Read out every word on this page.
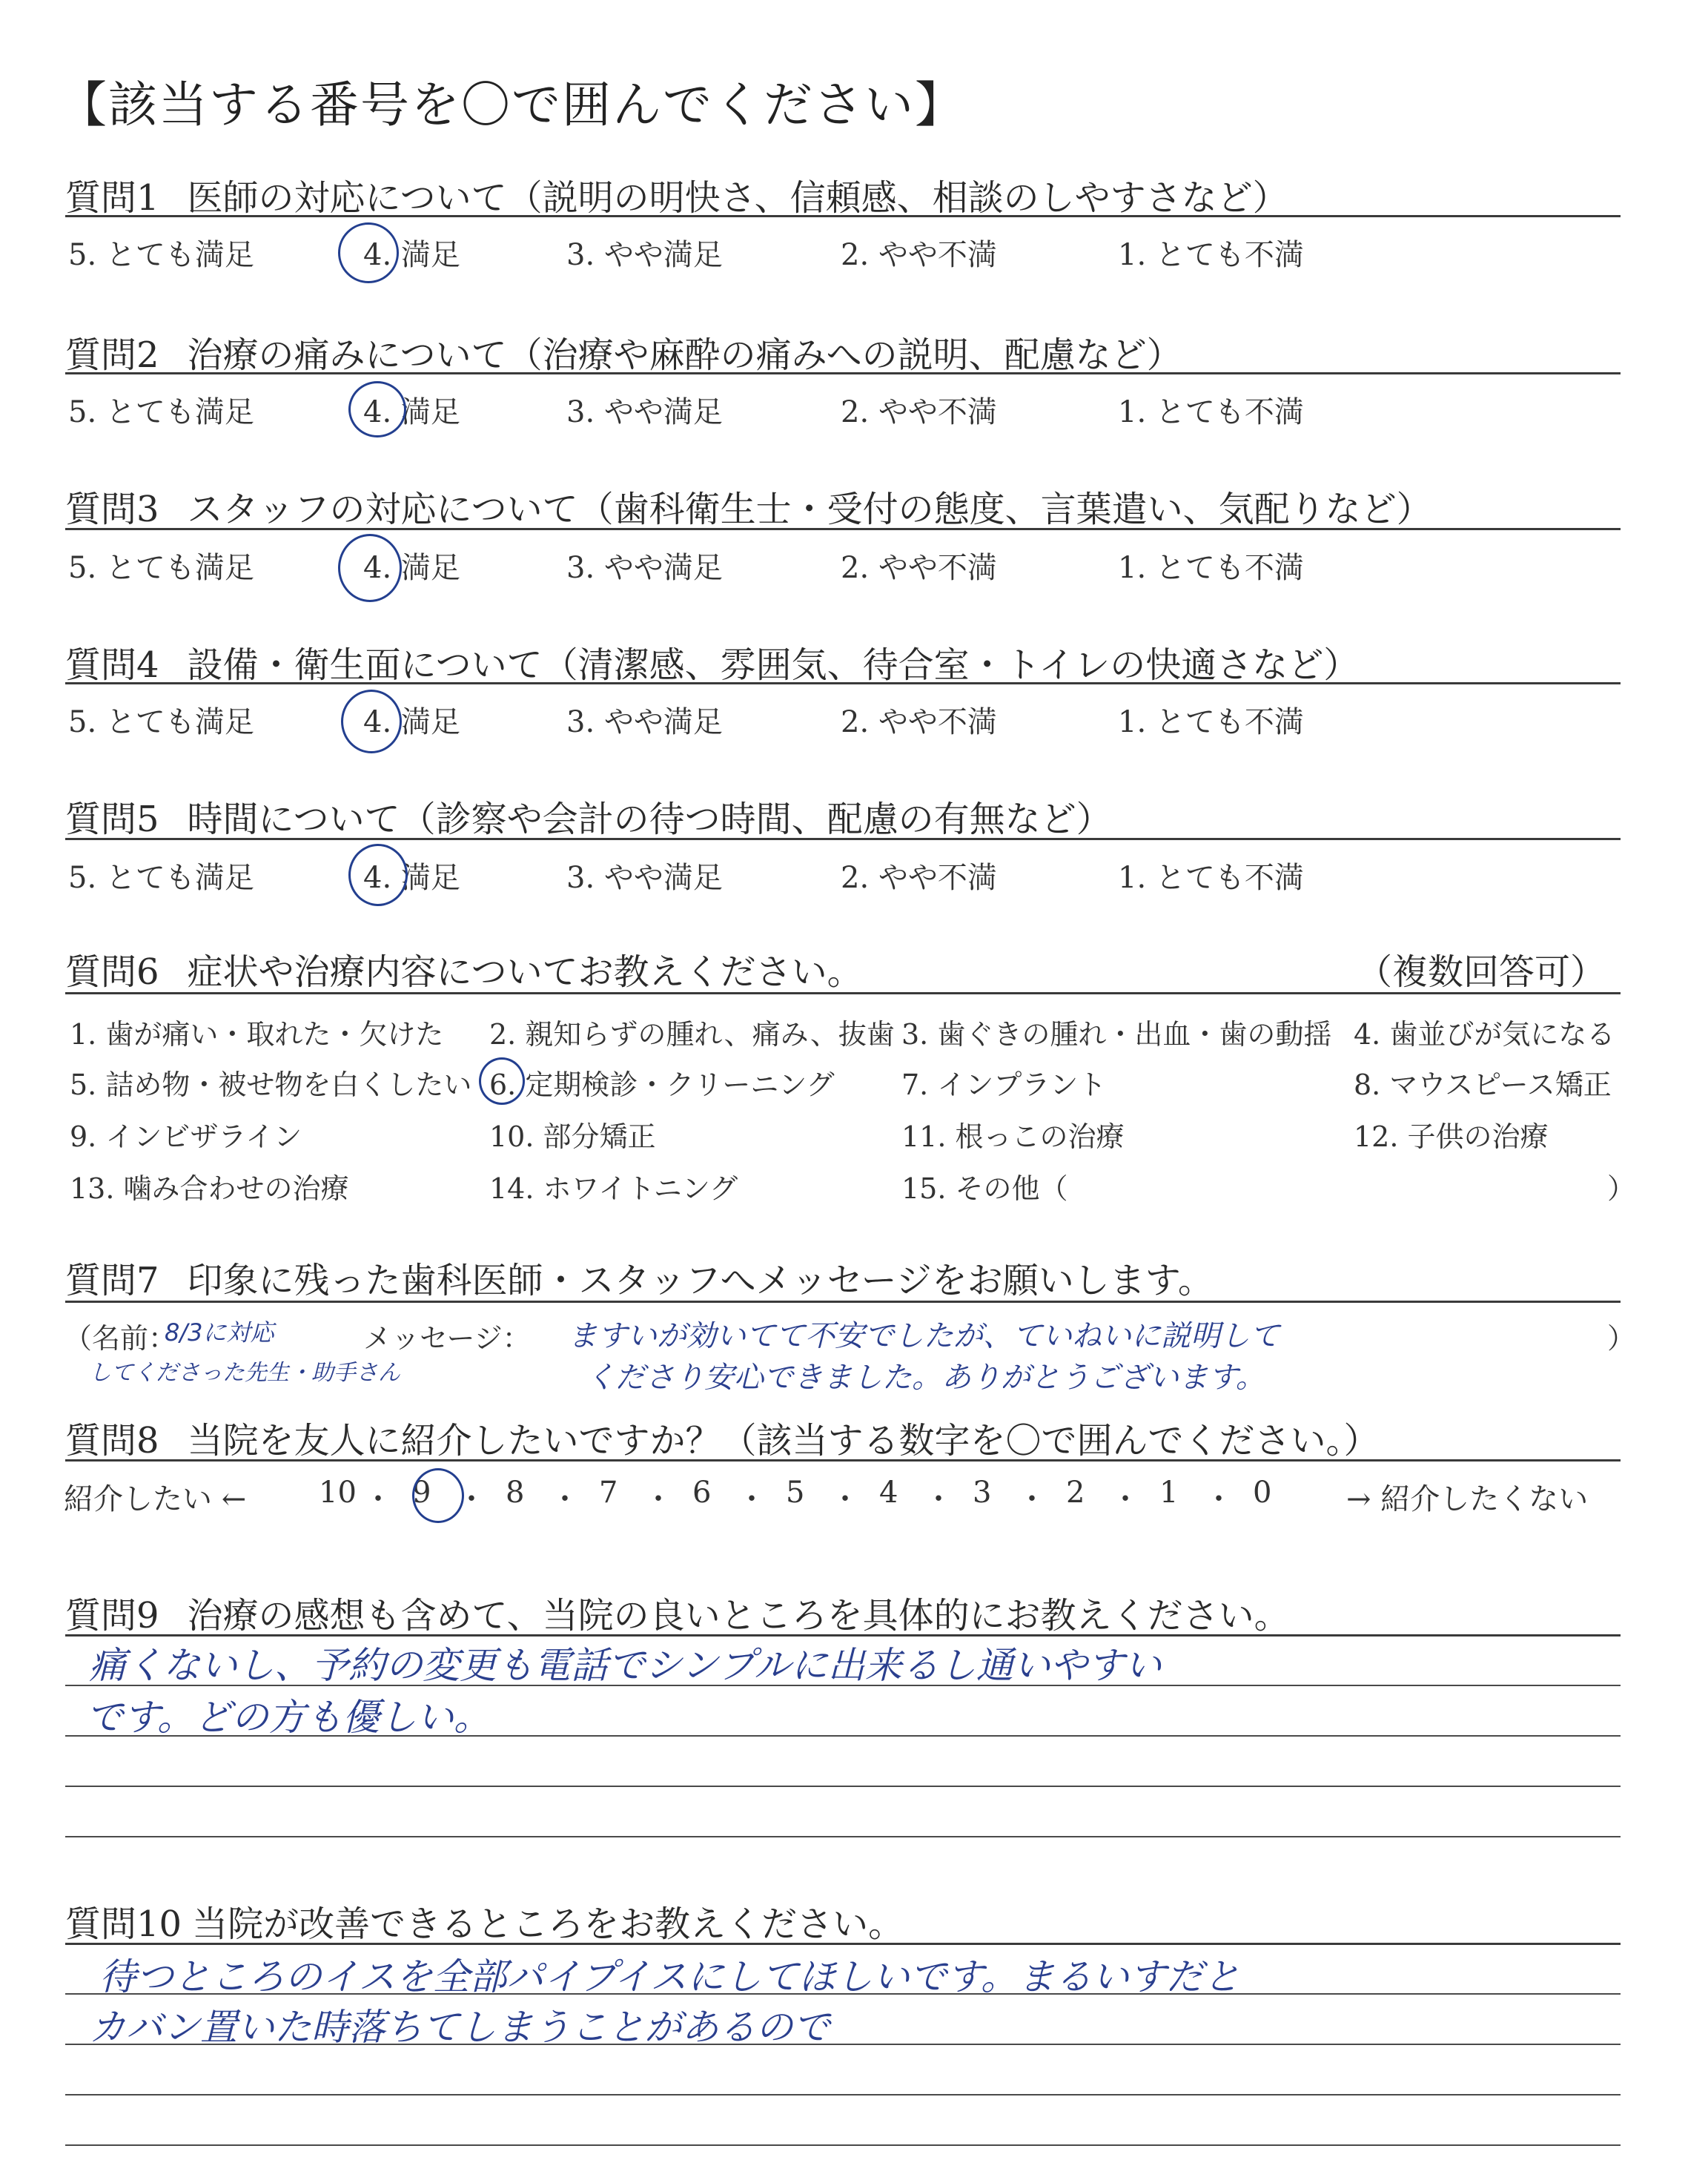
【該当する番号を〇で囲んでください】
質問1 医師の対応について（説明の明快さ、信頼感、相談のしやすさなど）
5. とても満足	4. 満足	3. やや満足	2. やや不満	1. とても不満
質問2 治療の痛みについて（治療や麻酔の痛みへの説明、配慮など）
5. とても満足	4. 満足	3. やや満足	2. やや不満	1. とても不満
質問3 スタッフの対応について（歯科衛生士・受付の態度、言葉遣い、気配りなど）
5. とても満足	4. 満足	3. やや満足	2. やや不満	1. とても不満
質問4 設備・衛生面について（清潔感、雰囲気、待合室・トイレの快適さなど）
5. とても満足	4. 満足	3. やや満足	2. やや不満	1. とても不満
質問5 時間について（診察や会計の待つ時間、配慮の有無など）
5. とても満足	4. 満足	3. やや満足	2. やや不満	1. とても不満
質問6 症状や治療内容についてお教えください。	（複数回答可）
1. 歯が痛い・取れた・欠けた 2. 親知らずの腫れ、痛み、抜歯 3. 歯ぐきの腫れ・出血・歯の動揺 4. 歯並びが気になる
5. 詰め物・被せ物を白くしたい 6. 定期検診・クリーニング 7. インプラント	8. マウスピース矯正
9. インビザライン	10. 部分矯正	11. 根っこの治療	12. 子供の治療
13. 噛み合わせの治療	14. ホワイトニング	15. その他（	）
質問7 印象に残った歯科医師・スタッフへメッセージをお願いします。
（名前：
8/3に対応
してくださった先生・助手さん
メッセージ： ますいが効いてて不安でしたが、ていねいに説明して
くださり安心できました。ありがとうございます。
）
質問8 当院を友人に紹介したいですか？（該当する数字を〇で囲んでください。）
紹介したい ← 10 ・ 9 ・ 8 ・ 7 ・ 6 ・ 5 ・ 4 ・ 3 ・ 2 ・ 1 ・ 0	→ 紹介したくない
質問9 治療の感想も含めて、当院の良いところを具体的にお教えください。
痛くないし、予約の変更も電話でシンプルに出来るし通いやすい
です。どの方も優しい。
質問10 当院が改善できるところをお教えください。
待つところのイスを全部パイプイスにしてほしいです。まるいすだと
カバン置いた時落ちてしまうことがあるので
